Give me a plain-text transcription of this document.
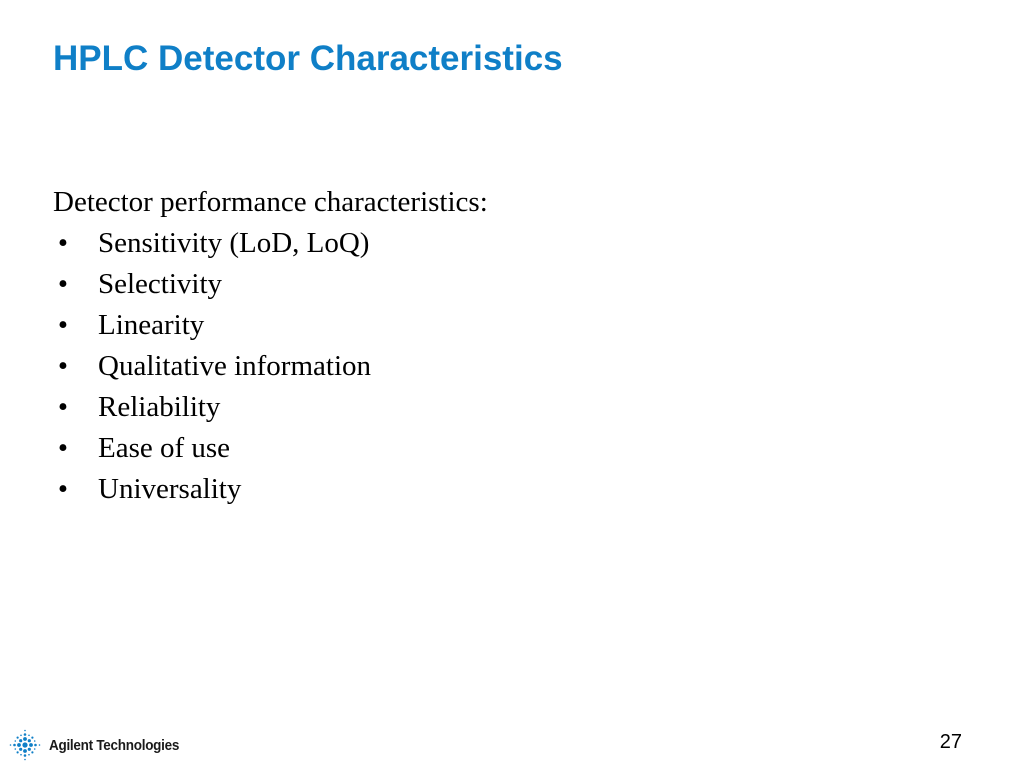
HPLC Detector Characteristics
Detector performance characteristics:
• Sensitivity (LoD, LoQ)
• Selectivity
• Linearity
• Qualitative information
• Reliability
• Ease of use
• Universality
Agilent Technologies	27
